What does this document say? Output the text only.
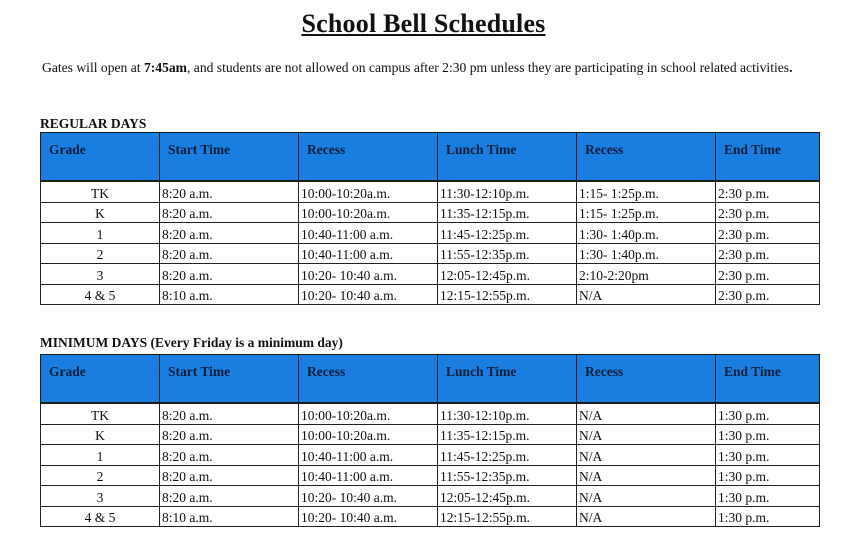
School Bell Schedules
Gates will open at 7:45am, and students are not allowed on campus after 2:30 pm unless they are participating in school related activities.
REGULAR DAYS
Grade	Start Time	Recess	Lunch Time	Recess	End Time
TK	8:20 a.m.	10:00-10:20a.m.	11:30-12:10p.m.	1:15- 1:25p.m.	2:30 p.m.
K	8:20 a.m.	10:00-10:20a.m.	11:35-12:15p.m.	1:15- 1:25p.m.	2:30 p.m.
1	8:20 a.m.	10:40-11:00 a.m.	11:45-12:25p.m.	1:30- 1:40p.m.	2:30 p.m.
2	8:20 a.m.	10:40-11:00 a.m.	11:55-12:35p.m.	1:30- 1:40p.m.	2:30 p.m.
3	8:20 a.m.	10:20- 10:40 a.m.	12:05-12:45p.m.	2:10-2:20pm	2:30 p.m.
4 & 5	8:10 a.m.	10:20- 10:40 a.m.	12:15-12:55p.m.	N/A	2:30 p.m.
MINIMUM DAYS (Every Friday is a minimum day)
Grade	Start Time	Recess	Lunch Time	Recess	End Time
TK	8:20 a.m.	10:00-10:20a.m.	11:30-12:10p.m.	N/A	1:30 p.m.
K	8:20 a.m.	10:00-10:20a.m.	11:35-12:15p.m.	N/A	1:30 p.m.
1	8:20 a.m.	10:40-11:00 a.m.	11:45-12:25p.m.	N/A	1:30 p.m.
2	8:20 a.m.	10:40-11:00 a.m.	11:55-12:35p.m.	N/A	1:30 p.m.
3	8:20 a.m.	10:20- 10:40 a.m.	12:05-12:45p.m.	N/A	1:30 p.m.
4 & 5	8:10 a.m.	10:20- 10:40 a.m.	12:15-12:55p.m.	N/A	1:30 p.m.
